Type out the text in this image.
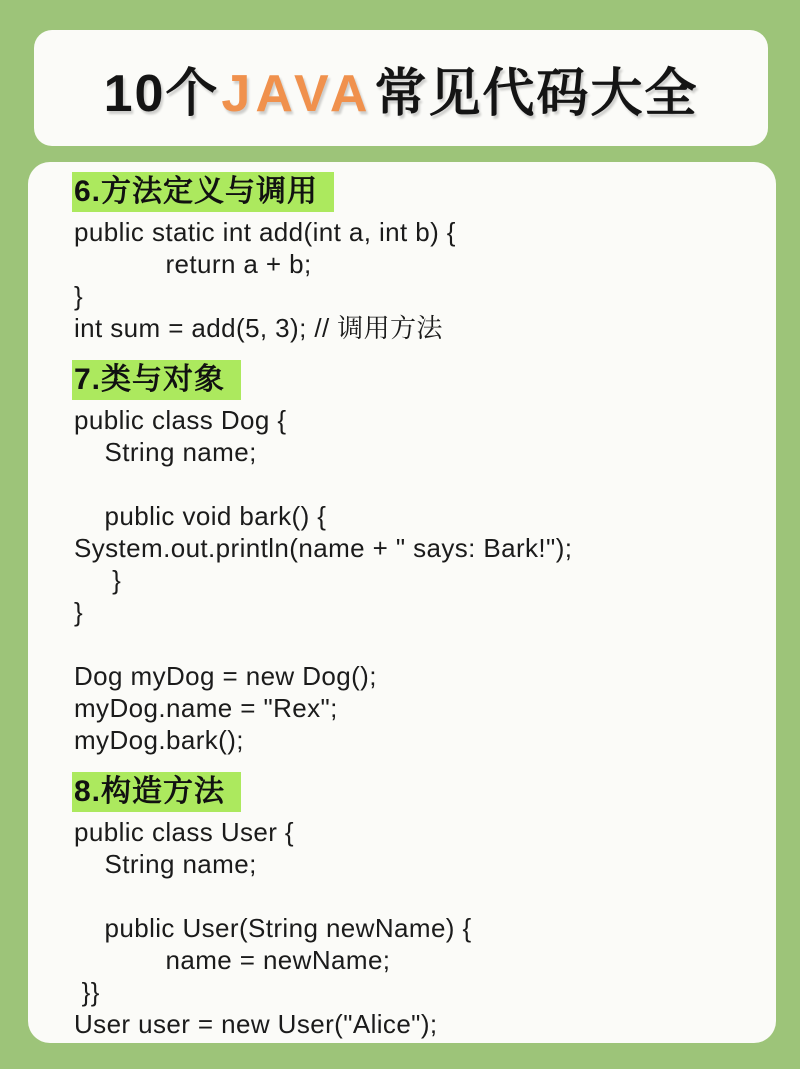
10个JAVA常见代码大全
6.方法定义与调用
public static int add(int a, int b) {
return a + b;
}
int sum = add(5, 3); // 调用方法
7.类与对象
public class Dog {
String name;

public void bark() {
System.out.println(name + " says: Bark!");
}
}

Dog myDog = new Dog();
myDog.name = "Rex";
myDog.bark();
8.构造方法
public class User {
String name;

public User(String newName) {
name = newName;
}}
User user = new User("Alice");
